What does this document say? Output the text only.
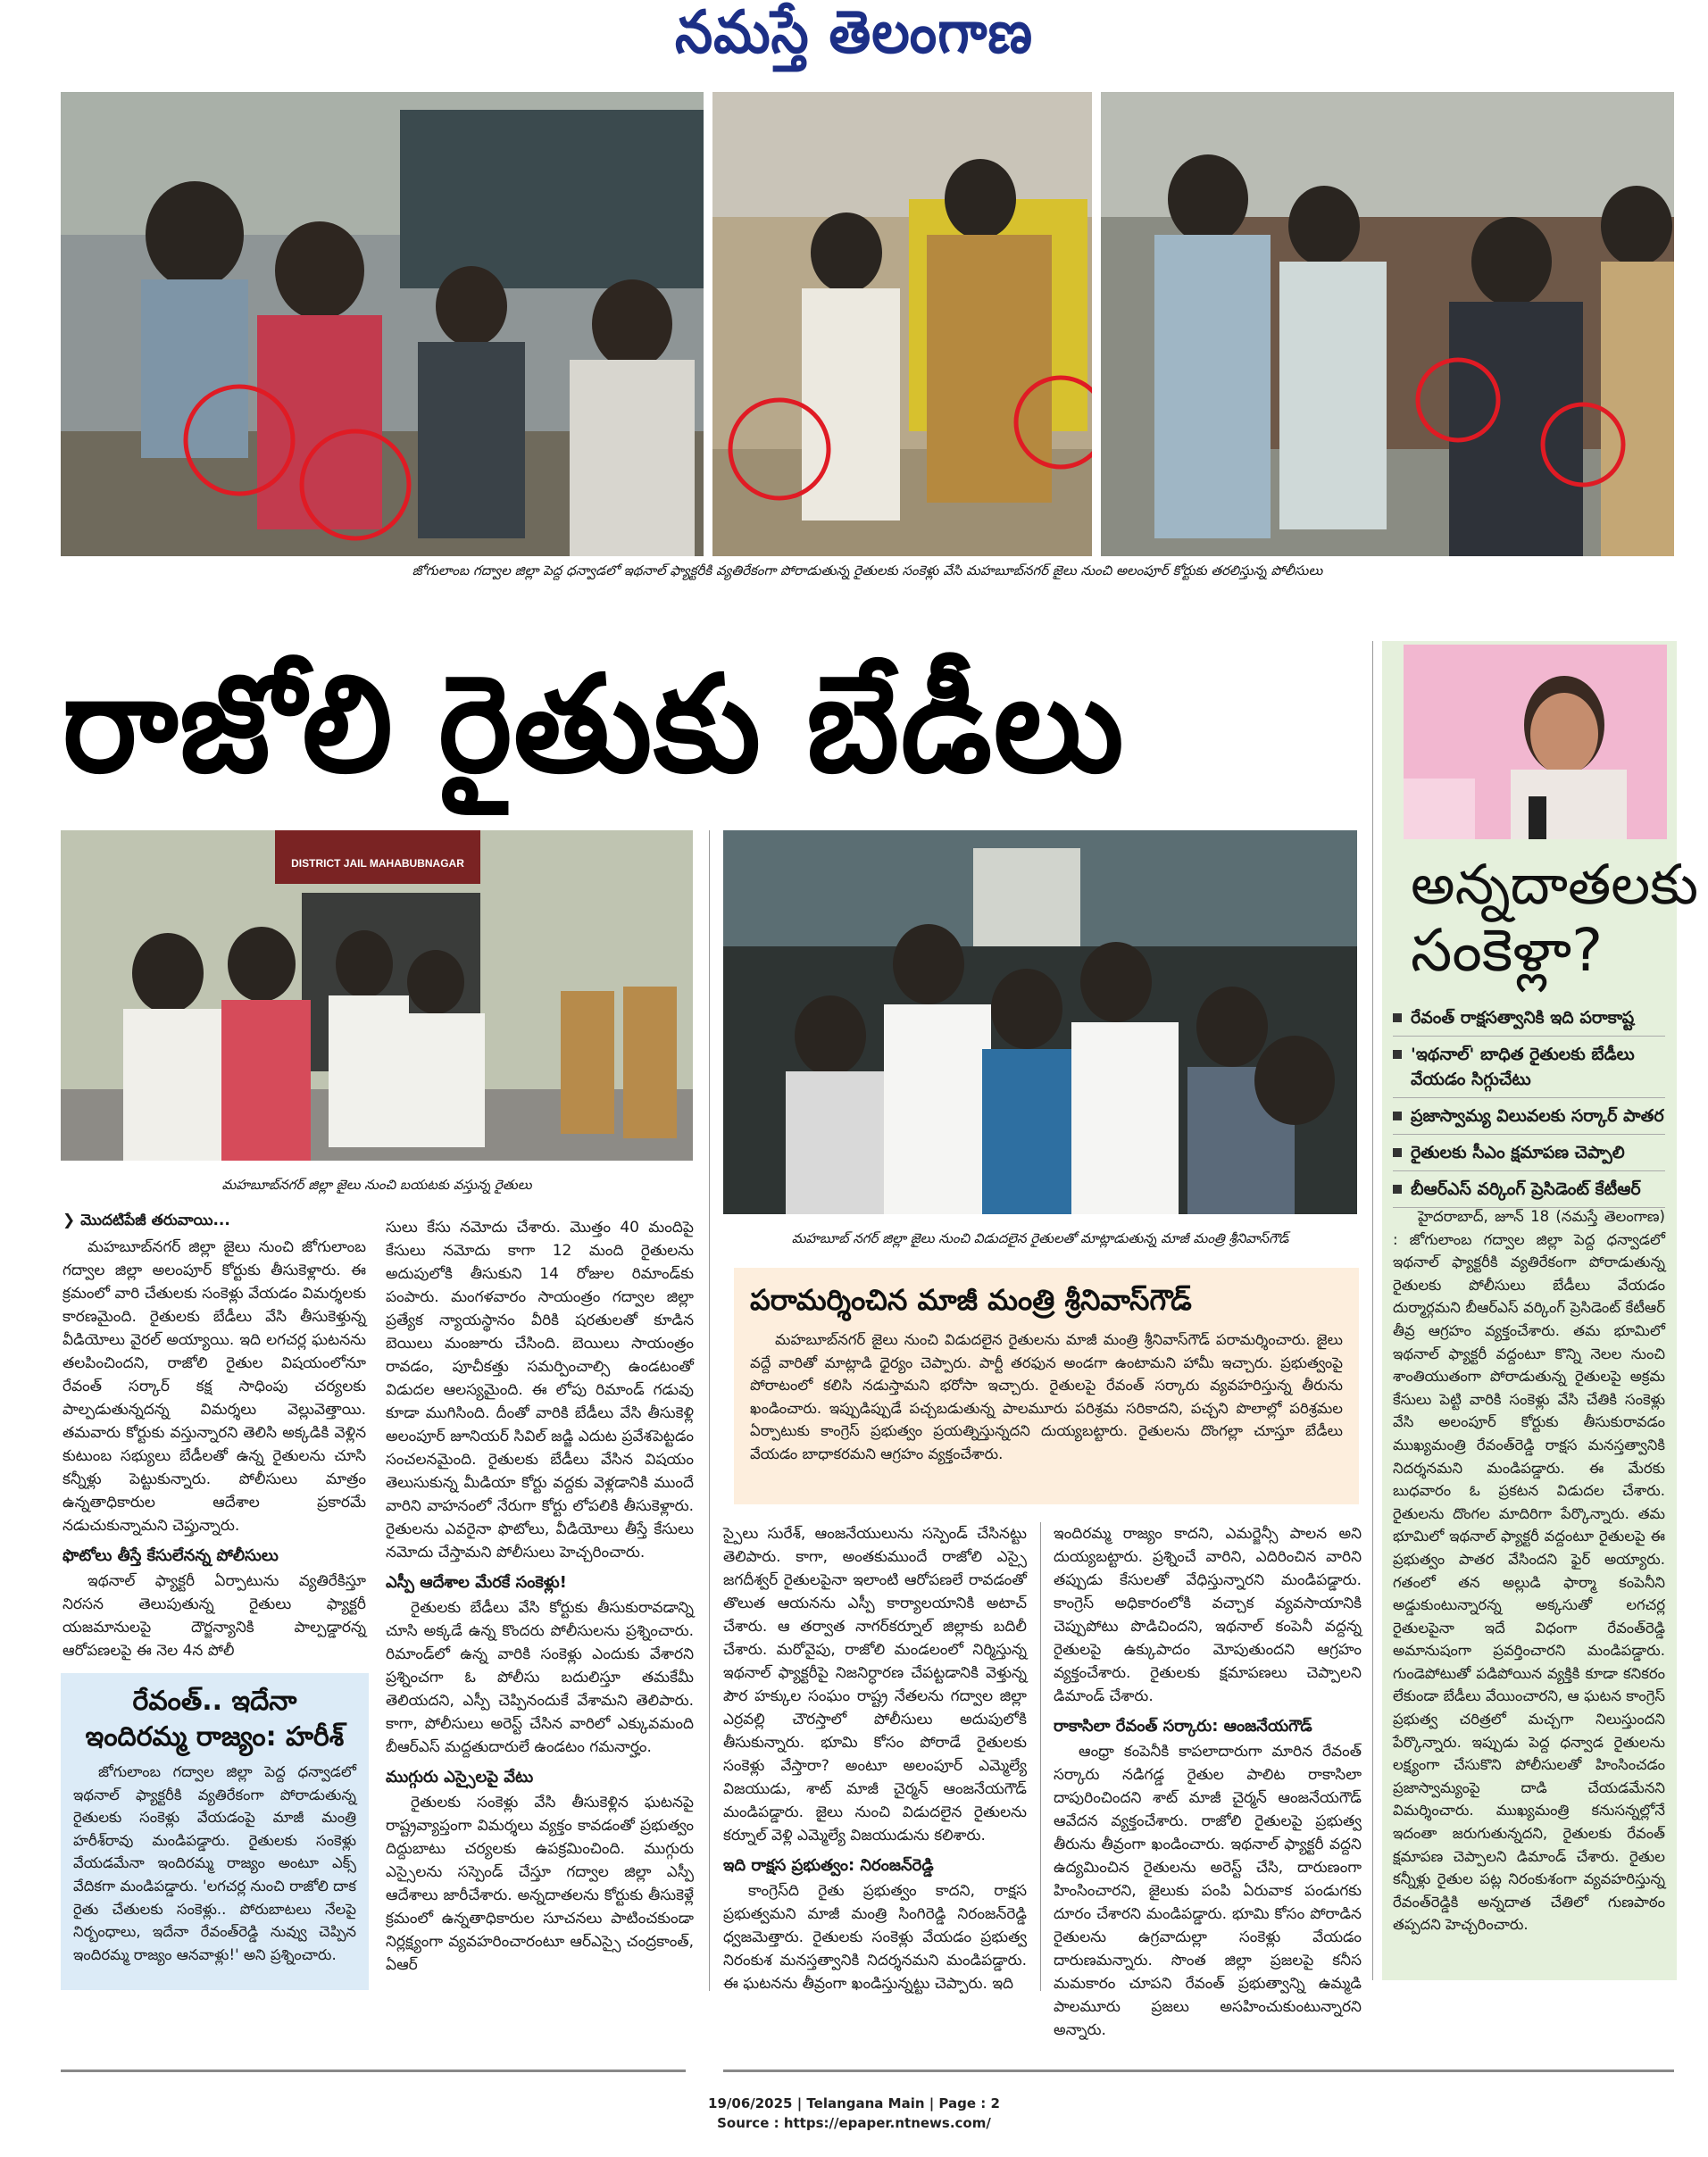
నమస్తే తెలంగాణ
జోగులాంబ గద్వాల జిల్లా పెద్ద ధన్వాడలో ఇథనాల్ ఫ్యాక్టరీకి వ్యతిరేకంగా పోరాడుతున్న రైతులకు సంకెళ్లు వేసి మహబూబ్‌నగర్ జైలు నుంచి అలంపూర్ కోర్టుకు తరలిస్తున్న పోలీసులు
రాజోలి రైతుకు బేడీలు
అన్నదాతలకు
సంకెళ్లా?
రేవంత్ రాక్షసత్వానికి ఇది పరాకాష్ట
'ఇథనాల్' బాధిత రైతులకు బేడీలు వేయడం సిగ్గుచేటు
ప్రజాస్వామ్య విలువలకు సర్కార్ పాతర
రైతులకు సీఎం క్షమాపణ చెప్పాలి
బీఆర్‌ఎస్ వర్కింగ్ ప్రెసిడెంట్ కేటీఆర్

హైదరాబాద్, జూన్ 18 (నమస్తే తెలంగాణ) : జోగులాంబ గద్వాల జిల్లా పెద్ద ధన్వాడలో ఇథనాల్ ఫ్యాక్టరీకి వ్యతిరేకంగా పోరాడుతున్న రైతులకు పోలీసులు బేడీలు వేయడం దుర్మార్గమని బీఆర్‌ఎస్ వర్కింగ్ ప్రెసిడెంట్ కేటీఆర్ తీవ్ర ఆగ్రహం వ్యక్తంచేశారు. తమ భూమిలో ఇథనాల్ ఫ్యాక్టరీ వద్దంటూ కొన్ని నెలల నుంచి శాంతియుతంగా పోరాడుతున్న రైతులపై అక్రమ కేసులు పెట్టి వారికి సంకెళ్లు వేసి చేతికి సంకెళ్లు వేసి అలంపూర్ కోర్టుకు తీసుకురావడం ముఖ్యమంత్రి రేవంత్‌రెడ్డి రాక్షస మనస్తత్వానికి నిదర్శనమని మండిపడ్డారు. ఈ మేరకు బుధవారం ఓ ప్రకటన విడుదల చేశారు. రైతులను దొంగల మాదిరిగా పేర్కొన్నారు. తమ భూమిలో ఇథనాల్ ఫ్యాక్టరీ వద్దంటూ రైతులపై ఈ ప్రభుత్వం పాతర వేసిందని ఫైర్ అయ్యారు. గతంలో తన అల్లుడి ఫార్మా కంపెనీని అడ్డుకుంటున్నారన్న అక్కసుతో లగచర్ల రైతులపైనా ఇదే విధంగా రేవంత్‌రెడ్డి అమానుషంగా ప్రవర్తించారని మండిపడ్డారు. గుండెపోటుతో పడిపోయిన వ్యక్తికి కూడా కనికరం లేకుండా బేడీలు వేయించారని, ఆ ఘటన కాంగ్రెస్ ప్రభుత్వ చరిత్రలో మచ్చగా నిలుస్తుందని పేర్కొన్నారు. ఇప్పుడు పెద్ద ధన్వాడ రైతులను లక్ష్యంగా చేసుకొని పోలీసులతో హింసించడం ప్రజాస్వామ్యంపై దాడి చేయడమేనని విమర్శించారు. ముఖ్యమంత్రి కనుసన్నల్లోనే ఇదంతా జరుగుతున్నదని, రైతులకు రేవంత్ క్షమాపణ చెప్పాలని డిమాండ్ చేశారు. రైతుల కన్నీళ్లు రైతుల పట్ల నిరంకుశంగా వ్యవహరిస్తున్న రేవంత్‌రెడ్డికి అన్నదాత చేతిలో గుణపాఠం తప్పదని హెచ్చరించారు.

DISTRICT JAIL MAHABUBNAGAR
మహబూబ్‌నగర్ జిల్లా జైలు నుంచి బయటకు వస్తున్న రైతులు
మహబూబ్ నగర్ జిల్లా జైలు నుంచి విడుదలైన రైతులతో మాట్లాడుతున్న మాజీ మంత్రి శ్రీనివాస్‌గౌడ్
పరామర్శించిన మాజీ మంత్రి శ్రీనివాస్‌గౌడ్

మహబూబ్‌నగర్ జైలు నుంచి విడుదలైన రైతులను మాజీ మంత్రి శ్రీనివాస్‌గౌడ్ పరామర్శించారు. జైలు వద్దే వారితో మాట్లాడి ధైర్యం చెప్పారు. పార్టీ తరఫున అండగా ఉంటామని హామీ ఇచ్చారు. ప్రభుత్వంపై పోరాటంలో కలిసి నడుస్తామని భరోసా ఇచ్చారు. రైతులపై రేవంత్ సర్కారు వ్యవహరిస్తున్న తీరును ఖండించారు. ఇప్పుడిప్పుడే పచ్చబడుతున్న పాలమూరు పరిశ్రమ సరికాదని, పచ్చని పొలాల్లో పరిశ్రమల ఏర్పాటుకు కాంగ్రెస్ ప్రభుత్వం ప్రయత్నిస్తున్నదని దుయ్యబట్టారు. రైతులను దొంగల్లా చూస్తూ బేడీలు వేయడం బాధాకరమని ఆగ్రహం వ్యక్తంచేశారు.

❯ మొదటిపేజీ తరువాయి...

మహబూబ్‌నగర్ జిల్లా జైలు నుంచి జోగులాంబ గద్వాల జిల్లా అలంపూర్ కోర్టుకు తీసుకెళ్లారు. ఈ క్రమంలో వారి చేతులకు సంకెళ్లు వేయడం విమర్శలకు కారణమైంది. రైతులకు బేడీలు వేసి తీసుకెళ్తున్న వీడియోలు వైరల్ అయ్యాయి. ఇది లగచర్ల ఘటనను తలపించిందని, రాజోలి రైతుల విషయంలోనూ రేవంత్ సర్కార్ కక్ష సాధింపు చర్యలకు పాల్పడుతున్నదన్న విమర్శలు వెల్లువెత్తాయి. తమవారు కోర్టుకు వస్తున్నారని తెలిసి అక్కడికి వెళ్లిన కుటుంబ సభ్యులు బేడీలతో ఉన్న రైతులను చూసి కన్నీళ్లు పెట్టుకున్నారు. పోలీసులు మాత్రం ఉన్నతాధికారుల ఆదేశాల ప్రకారమే నడుచుకున్నామని చెప్తున్నారు.

ఫొటోలు తీస్తే కేసులేనన్న పోలీసులు

ఇథనాల్ ఫ్యాక్టరీ ఏర్పాటును వ్యతిరేకిస్తూ నిరసన తెలుపుతున్న రైతులు ఫ్యాక్టరీ యజమానులపై దౌర్జన్యానికి పాల్పడ్డారన్న ఆరోపణలపై ఈ నెల 4న పోలీ

రేవంత్.. ఇదేనా
ఇందిరమ్మ రాజ్యం: హరీశ్

జోగులాంబ గద్వాల జిల్లా పెద్ద ధన్వాడలో ఇథనాల్ ఫ్యాక్టరీకి వ్యతిరేకంగా పోరాడుతున్న రైతులకు సంకెళ్లు వేయడంపై మాజీ మంత్రి హరీశ్‌రావు మండిపడ్డారు. రైతులకు సంకెళ్లు వేయడమేనా ఇందిరమ్మ రాజ్యం అంటూ ఎక్స్ వేదికగా మండిపడ్డారు. 'లగచర్ల నుంచి రాజోలి దాక రైతు చేతులకు సంకెళ్లు.. పోరుబాటలు నేలపై నిర్బంధాలు, ఇదేనా రేవంత్‌రెడ్డి నువ్వు చెప్పిన ఇందిరమ్మ రాజ్యం ఆనవాళ్లు!' అని ప్రశ్నించారు.

సులు కేసు నమోదు చేశారు. మొత్తం 40 మందిపై కేసులు నమోదు కాగా 12 మంది రైతులను అదుపులోకి తీసుకుని 14 రోజుల రిమాండ్‌కు పంపారు. మంగళవారం సాయంత్రం గద్వాల జిల్లా ప్రత్యేక న్యాయస్థానం వీరికి షరతులతో కూడిన బెయిలు మంజూరు చేసింది. బెయిలు సాయంత్రం రావడం, పూచీకత్తు సమర్పించాల్సి ఉండటంతో విడుదల ఆలస్యమైంది. ఈ లోపు రిమాండ్ గడువు కూడా ముగిసింది. దీంతో వారికి బేడీలు వేసి తీసుకెళ్లి అలంపూర్ జూనియర్ సివిల్ జడ్జి ఎదుట ప్రవేశపెట్టడం సంచలనమైంది. రైతులకు బేడీలు వేసిన విషయం తెలుసుకున్న మీడియా కోర్టు వద్దకు వెళ్లడానికి ముందే వారిని వాహనంలో నేరుగా కోర్టు లోపలికి తీసుకెళ్లారు. రైతులను ఎవరైనా ఫొటోలు, వీడియోలు తీస్తే కేసులు నమోదు చేస్తామని పోలీసులు హెచ్చరించారు.

ఎస్పీ ఆదేశాల మేరకే సంకెళ్లు!

రైతులకు బేడీలు వేసి కోర్టుకు తీసుకురావడాన్ని చూసి అక్కడే ఉన్న కొందరు పోలీసులను ప్రశ్నించారు. రిమాండ్‌లో ఉన్న వారికి సంకెళ్లు ఎందుకు వేశారని ప్రశ్నించగా ఓ పోలీసు బదులిస్తూ తమకేమీ తెలియదని, ఎస్పీ చెప్పినందుకే వేశామని తెలిపారు. కాగా, పోలీసులు అరెస్ట్ చేసిన వారిలో ఎక్కువమంది బీఆర్‌ఎస్ మద్దతుదారులే ఉండటం గమనార్హం.

ముగ్గురు ఎస్సైలపై వేటు

రైతులకు సంకెళ్లు వేసి తీసుకెళ్లిన ఘటనపై రాష్ట్రవ్యాప్తంగా విమర్శలు వ్యక్తం కావడంతో ప్రభుత్వం దిద్దుబాటు చర్యలకు ఉపక్రమించింది. ముగ్గురు ఎస్సైలను సస్పెండ్ చేస్తూ గద్వాల జిల్లా ఎస్పీ ఆదేశాలు జారీచేశారు. అన్నదాతలను కోర్టుకు తీసుకెళ్లే క్రమంలో ఉన్నతాధికారుల సూచనలు పాటించకుండా నిర్లక్ష్యంగా వ్యవహరించారంటూ ఆర్‌ఎస్సై చంద్రకాంత్, ఏఆర్

స్పైలు సురేశ్, ఆంజనేయులును సస్పెండ్ చేసినట్టు తెలిపారు. కాగా, అంతకుముందే రాజోలి ఎస్సై జగదీశ్వర్ రైతులపైనా ఇలాంటి ఆరోపణలే రావడంతో తొలుత ఆయనను ఎస్పీ కార్యాలయానికి అటాచ్ చేశారు. ఆ తర్వాత నాగర్‌కర్నూల్ జిల్లాకు బదిలీ చేశారు. మరోవైపు, రాజోలి మండలంలో నిర్మిస్తున్న ఇథనాల్ ఫ్యాక్టరీపై నిజనిర్ధారణ చేపట్టడానికి వెళ్తున్న పౌర హక్కుల సంఘం రాష్ట్ర నేతలను గద్వాల జిల్లా ఎర్రవల్లి చౌరస్తాలో పోలీసులు అదుపులోకి తీసుకున్నారు. భూమి కోసం పోరాడే రైతులకు సంకెళ్లు వేస్తారా? అంటూ అలంపూర్ ఎమ్మెల్యే విజయుడు, శాట్ మాజీ చైర్మన్ ఆంజనేయగౌడ్ మండిపడ్డారు. జైలు నుంచి విడుదలైన రైతులను కర్నూల్ వెళ్లి ఎమ్మెల్యే విజయుడును కలిశారు.

ఇది రాక్షస ప్రభుత్వం: నిరంజన్‌రెడ్డి

కాంగ్రెస్‌ది రైతు ప్రభుత్వం కాదని, రాక్షస ప్రభుత్వమని మాజీ మంత్రి సింగిరెడ్డి నిరంజన్‌రెడ్డి ధ్వజమెత్తారు. రైతులకు సంకెళ్లు వేయడం ప్రభుత్వ నిరంకుశ మనస్తత్వానికి నిదర్శనమని మండిపడ్డారు. ఈ ఘటనను తీవ్రంగా ఖండిస్తున్నట్టు చెప్పారు. ఇది

ఇందిరమ్మ రాజ్యం కాదని, ఎమర్జెన్సీ పాలన అని దుయ్యబట్టారు. ప్రశ్నించే వారిని, ఎదిరించిన వారిని తప్పుడు కేసులతో వేధిస్తున్నారని మండిపడ్డారు. కాంగ్రెస్ అధికారంలోకి వచ్చాక వ్యవసాయానికి చెప్పుపోటు పొడిచిందని, ఇథనాల్ కంపెనీ వద్దన్న రైతులపై ఉక్కుపాదం మోపుతుందని ఆగ్రహం వ్యక్తంచేశారు. రైతులకు క్షమాపణలు చెప్పాలని డిమాండ్ చేశారు.

రాకాసిలా రేవంత్ సర్కారు: ఆంజనేయగౌడ్

ఆంధ్రా కంపెనీకి కాపలాదారుగా మారిన రేవంత్ సర్కారు నడిగడ్డ రైతుల పాలిట రాకాసిలా దాపురించిందని శాట్ మాజీ చైర్మన్ ఆంజనేయగౌడ్ ఆవేదన వ్యక్తంచేశారు. రాజోలి రైతులపై ప్రభుత్వ తీరును తీవ్రంగా ఖండించారు. ఇథనాల్ ఫ్యాక్టరీ వద్దని ఉద్యమించిన రైతులను అరెస్ట్ చేసి, దారుణంగా హింసించారని, జైలుకు పంపి ఏరువాక పండుగకు దూరం చేశారని మండిపడ్డారు. భూమి కోసం పోరాడిన రైతులను ఉగ్రవాదుల్లా సంకెళ్లు వేయడం దారుణమన్నారు. సొంత జిల్లా ప్రజలపై కనీస మమకారం చూపని రేవంత్ ప్రభుత్వాన్ని ఉమ్మడి పాలమూరు ప్రజలు అసహించుకుంటున్నారని అన్నారు.

19/06/2025 | Telangana Main | Page : 2
Source : https://epaper.ntnews.com/
